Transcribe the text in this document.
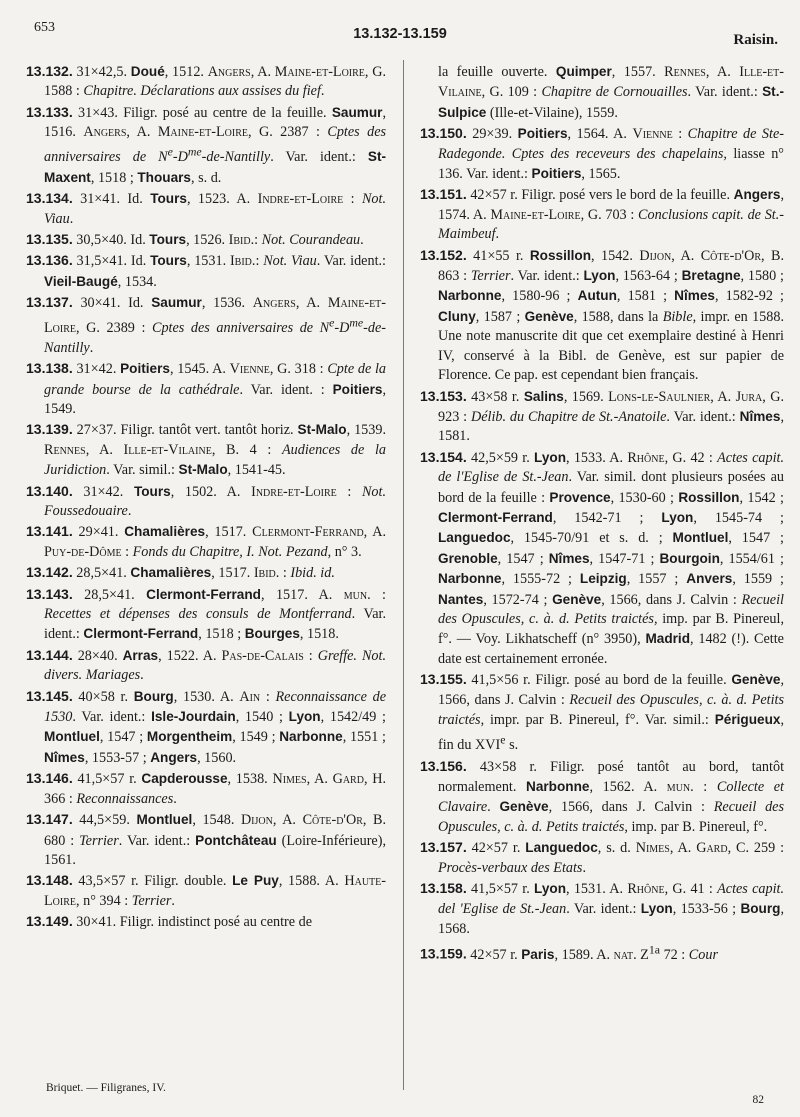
653	13.132-13.159	Raisin.

13.132. 31×42,5. Doué, 1512. Angers, A. Maine-et-Loire, G. 1588 : Chapitre. Déclarations aux assises du fief.

13.133. 31×43. Filigr. posé au centre de la feuille. Saumur, 1516. Angers, A. Maine-et-Loire, G. 2387 : Cptes des anniversaires de $N^e-D^{me}-de$-Nantilly. Var. ident.: St-Maxent, 1518 ; Thouars, s. d.

13.134. 31×41. Id. Tours, 1523. A. Indre-et-Loire : Not. Viau.

13.135. 30,5×40. Id. Tours, 1526. Ibid.: Not. Courandeau.

13.136. 31,5×41. Id. Tours, 1531. Ibid.: Not. Viau. Var. ident.: Vieil-Baugé, 1534.

13.137. 30×41. Id. Saumur, 1536. Angers, A. Maine-et-Loire, G. 2389 : Cptes des anniversaires de $N^e-D^{me}-de$-Nantilly.

13.138. 31×42. Poitiers, 1545. A. Vienne, G. 318 : Cpte de la grande bourse de la cathédrale. Var. ident. : Poitiers, 1549.

13.139. 27×37. Filigr. tantôt vert. tantôt horiz. St-Malo, 1539. Rennes, A. Ille-et-Vilaine, B. 4 : Audiences de la Juridiction. Var. simil.: St-Malo, 1541-45.

13.140. 31×42. Tours, 1502. A. Indre-et-Loire : Not. Foussedouaire.

13.141. 29×41. Chamalières, 1517. Clermont-Ferrand, A. Puy-de-Dôme : Fonds du Chapitre, I. Not. Pezand, n° 3.

13.142. 28,5×41. Chamalières, 1517. Ibid. : Ibid. id.

13.143. 28,5×41. Clermont-Ferrand, 1517. A. mun. : Recettes et dépenses des consuls de Montferrand. Var. ident.: Clermont-Ferrand, 1518 ; Bourges, 1518.

13.144. 28×40. Arras, 1522. A. Pas-de-Calais : Greffe. Not. divers. Mariages.

13.145. 40×58 r. Bourg, 1530. A. Ain : Reconnaissance de 1530. Var. ident.: Isle-Jourdain, 1540 ; Lyon, 1542/49 ; Montluel, 1547 ; Morgentheim, 1549 ; Narbonne, 1551 ; Nîmes, 1553-57 ; Angers, 1560.

13.146. 41,5×57 r. Capderousse, 1538. Nimes, A. Gard, H. 366 : Reconnaissances.

13.147. 44,5×59. Montluel, 1548. Dijon, A. Côte-d'Or, B. 680 : Terrier. Var. ident.: Pontchâteau (Loire-Inférieure), 1561.

13.148. 43,5×57 r. Filigr. double. Le Puy, 1588. A. Haute-Loire, n° 394 : Terrier.

13.149. 30×41. Filigr. indistinct posé au centre de

la feuille ouverte. Quimper, 1557. Rennes, A. Ille-et-Vilaine, G. 109 : Chapitre de Cornouailles. Var. ident.: St.-Sulpice (Ille-et-Vilaine), 1559.

13.150. 29×39. Poitiers, 1564. A. Vienne : Chapitre de Ste-Radegonde. Cptes des receveurs des chapelains, liasse n° 136. Var. ident.: Poitiers, 1565.

13.151. 42×57 r. Filigr. posé vers le bord de la feuille. Angers, 1574. A. Maine-et-Loire, G. 703 : Conclusions capit. de St.-Maimbeuf.

13.152. 41×55 r. Rossillon, 1542. Dijon, A. Côte-d'Or, B. 863 : Terrier. Var. ident.: Lyon, 1563-64 ; Bretagne, 1580 ; Narbonne, 1580-96 ; Autun, 1581 ; Nîmes, 1582-92 ; Cluny, 1587 ; Genève, 1588, dans la Bible, impr. en 1588. Une note manuscrite dit que cet exemplaire destiné à Henri IV, conservé à la Bibl. de Genève, est sur papier de Florence. Ce pap. est cependant bien français.

13.153. 43×58 r. Salins, 1569. Lons-le-Saulnier, A. Jura, G. 923 : Délib. du Chapitre de St.-Anatoile. Var. ident.: Nîmes, 1581.

13.154. 42,5×59 r. Lyon, 1533. A. Rhône, G. 42 : Actes capit. de l'Eglise de St.-Jean. Var. simil. dont plusieurs posées au bord de la feuille : Provence, 1530-60 ; Rossillon, 1542 ; Clermont-Ferrand, 1542-71 ; Lyon, 1545-74 ; Languedoc, 1545-70/91 et s. d. ; Montluel, 1547 ; Grenoble, 1547 ; Nîmes, 1547-71 ; Bourgoin, 1554/61 ; Narbonne, 1555-72 ; Leipzig, 1557 ; Anvers, 1559 ; Nantes, 1572-74 ; Genève, 1566, dans J. Calvin : Recueil des Opuscules, c. à. d. Petits traictés, imp. par B. Pinereul, f°. — Voy. Likhatscheff (n° 3950), Madrid, 1482 (!). Cette date est certainement erronée.

13.155. 41,5×56 r. Filigr. posé au bord de la feuille. Genève, 1566, dans J. Calvin : Recueil des Opuscules, c. à. d. Petits traictés, impr. par B. Pinereul, f°. Var. simil.: Périgueux, fin du XVIe s.

13.156. 43×58 r. Filigr. posé tantôt au bord, tantôt normalement. Narbonne, 1562. A. mun. : Collecte et Clavaire. Genève, 1566, dans J. Calvin : Recueil des Opuscules, c. à. d. Petits traictés, imp. par B. Pinereul, f°.

13.157. 42×57 r. Languedoc, s. d. Nimes, A. Gard, C. 259 : Procès-verbaux des Etats.

13.158. 41,5×57 r. Lyon, 1531. A. Rhône, G. 41 : Actes capit. del 'Eglise de St.-Jean. Var. ident.: Lyon, 1533-56 ; Bourg, 1568.

13.159. 42×57 r. Paris, 1589. A. nat. $Z^{1a}$ 72 : Cour

Briquet. — Filigranes, IV.
82
